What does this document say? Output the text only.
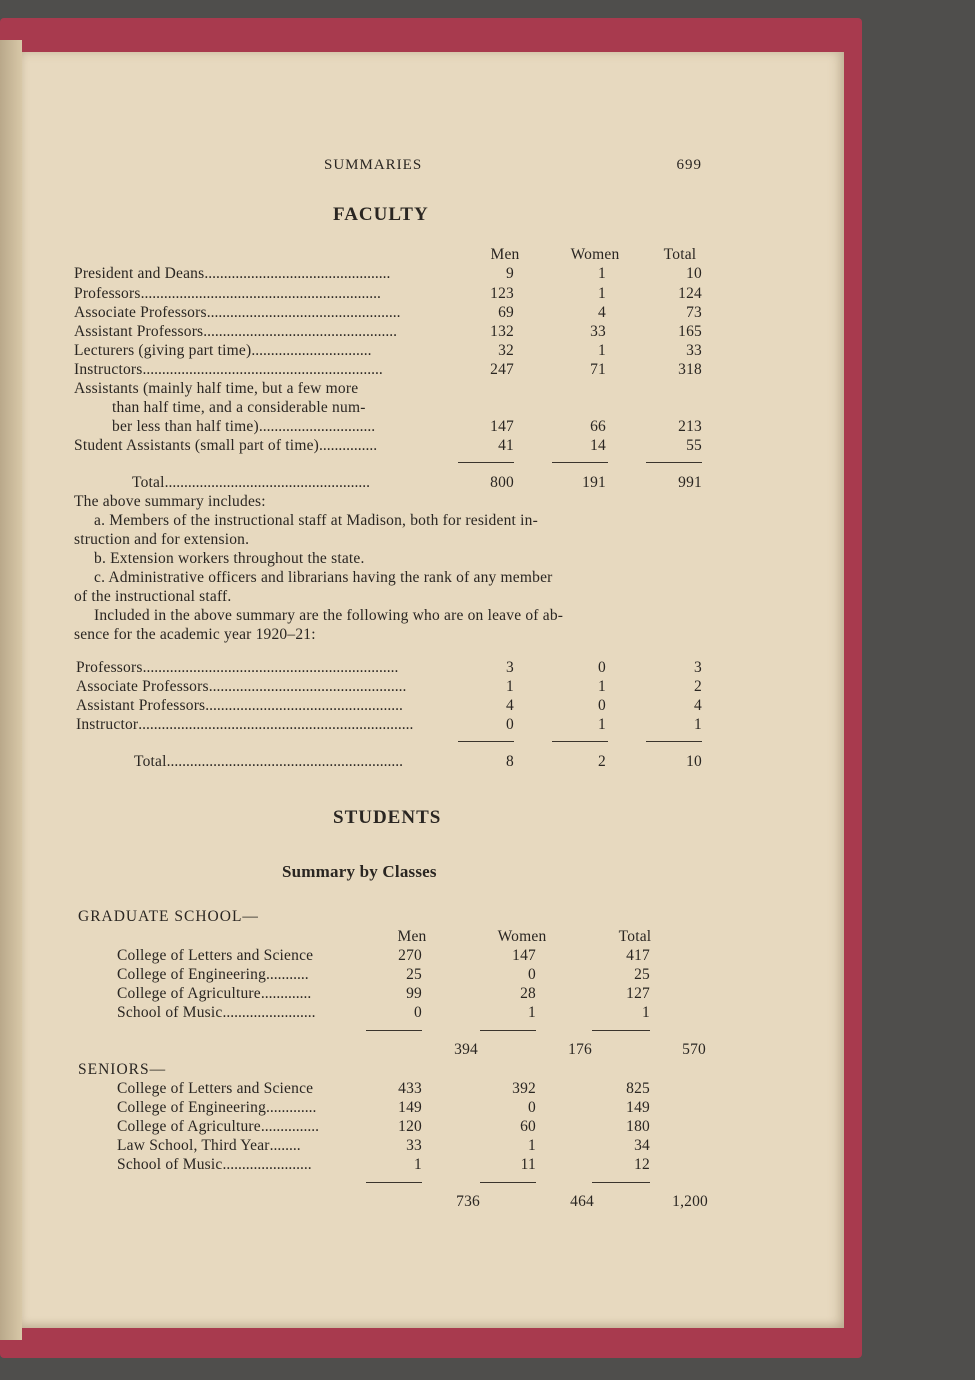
SUMMARIES	699
FACULTY
Men	Women	Total
President and Deans................................................	9	1	10
Professors..............................................................	123	1	124
Associate Professors..................................................	69	4	73
Assistant Professors..................................................	132	33	165
Lecturers (giving part time)...............................	32	1	33
Instructors..............................................................	247	71	318
Assistants (mainly half time, but a few more
than half time, and a considerable num-
ber less than half time)..............................	147	66	213
Student Assistants (small part of time)...............	41	14	55
Total.....................................................	800	191	991
The above summary includes:
a. Members of the instructional staff at Madison, both for resident in-
struction and for extension.
b. Extension workers throughout the state.
c. Administrative officers and librarians having the rank of any member
of the instructional staff.
Included in the above summary are the following who are on leave of ab-
sence for the academic year 1920–21:
Professors..................................................................	3	0	3
Associate Professors...................................................	1	1	2
Assistant Professors...................................................	4	0	4
Instructor.......................................................................	0	1	1
Total.............................................................	8	2	10
STUDENTS
Summary by Classes
GRADUATE SCHOOL—
Men	Women	Total
College of Letters and Science	270	147	417
College of Engineering...........	25	0	25
College of Agriculture.............	99	28	127
School of Music........................	0	1	1
394	176	570
SENIORS—
College of Letters and Science	433	392	825
College of Engineering.............	149	0	149
College of Agriculture...............	120	60	180
Law School, Third Year........	33	1	34
School of Music.......................	1	11	12
736	464	1,200
